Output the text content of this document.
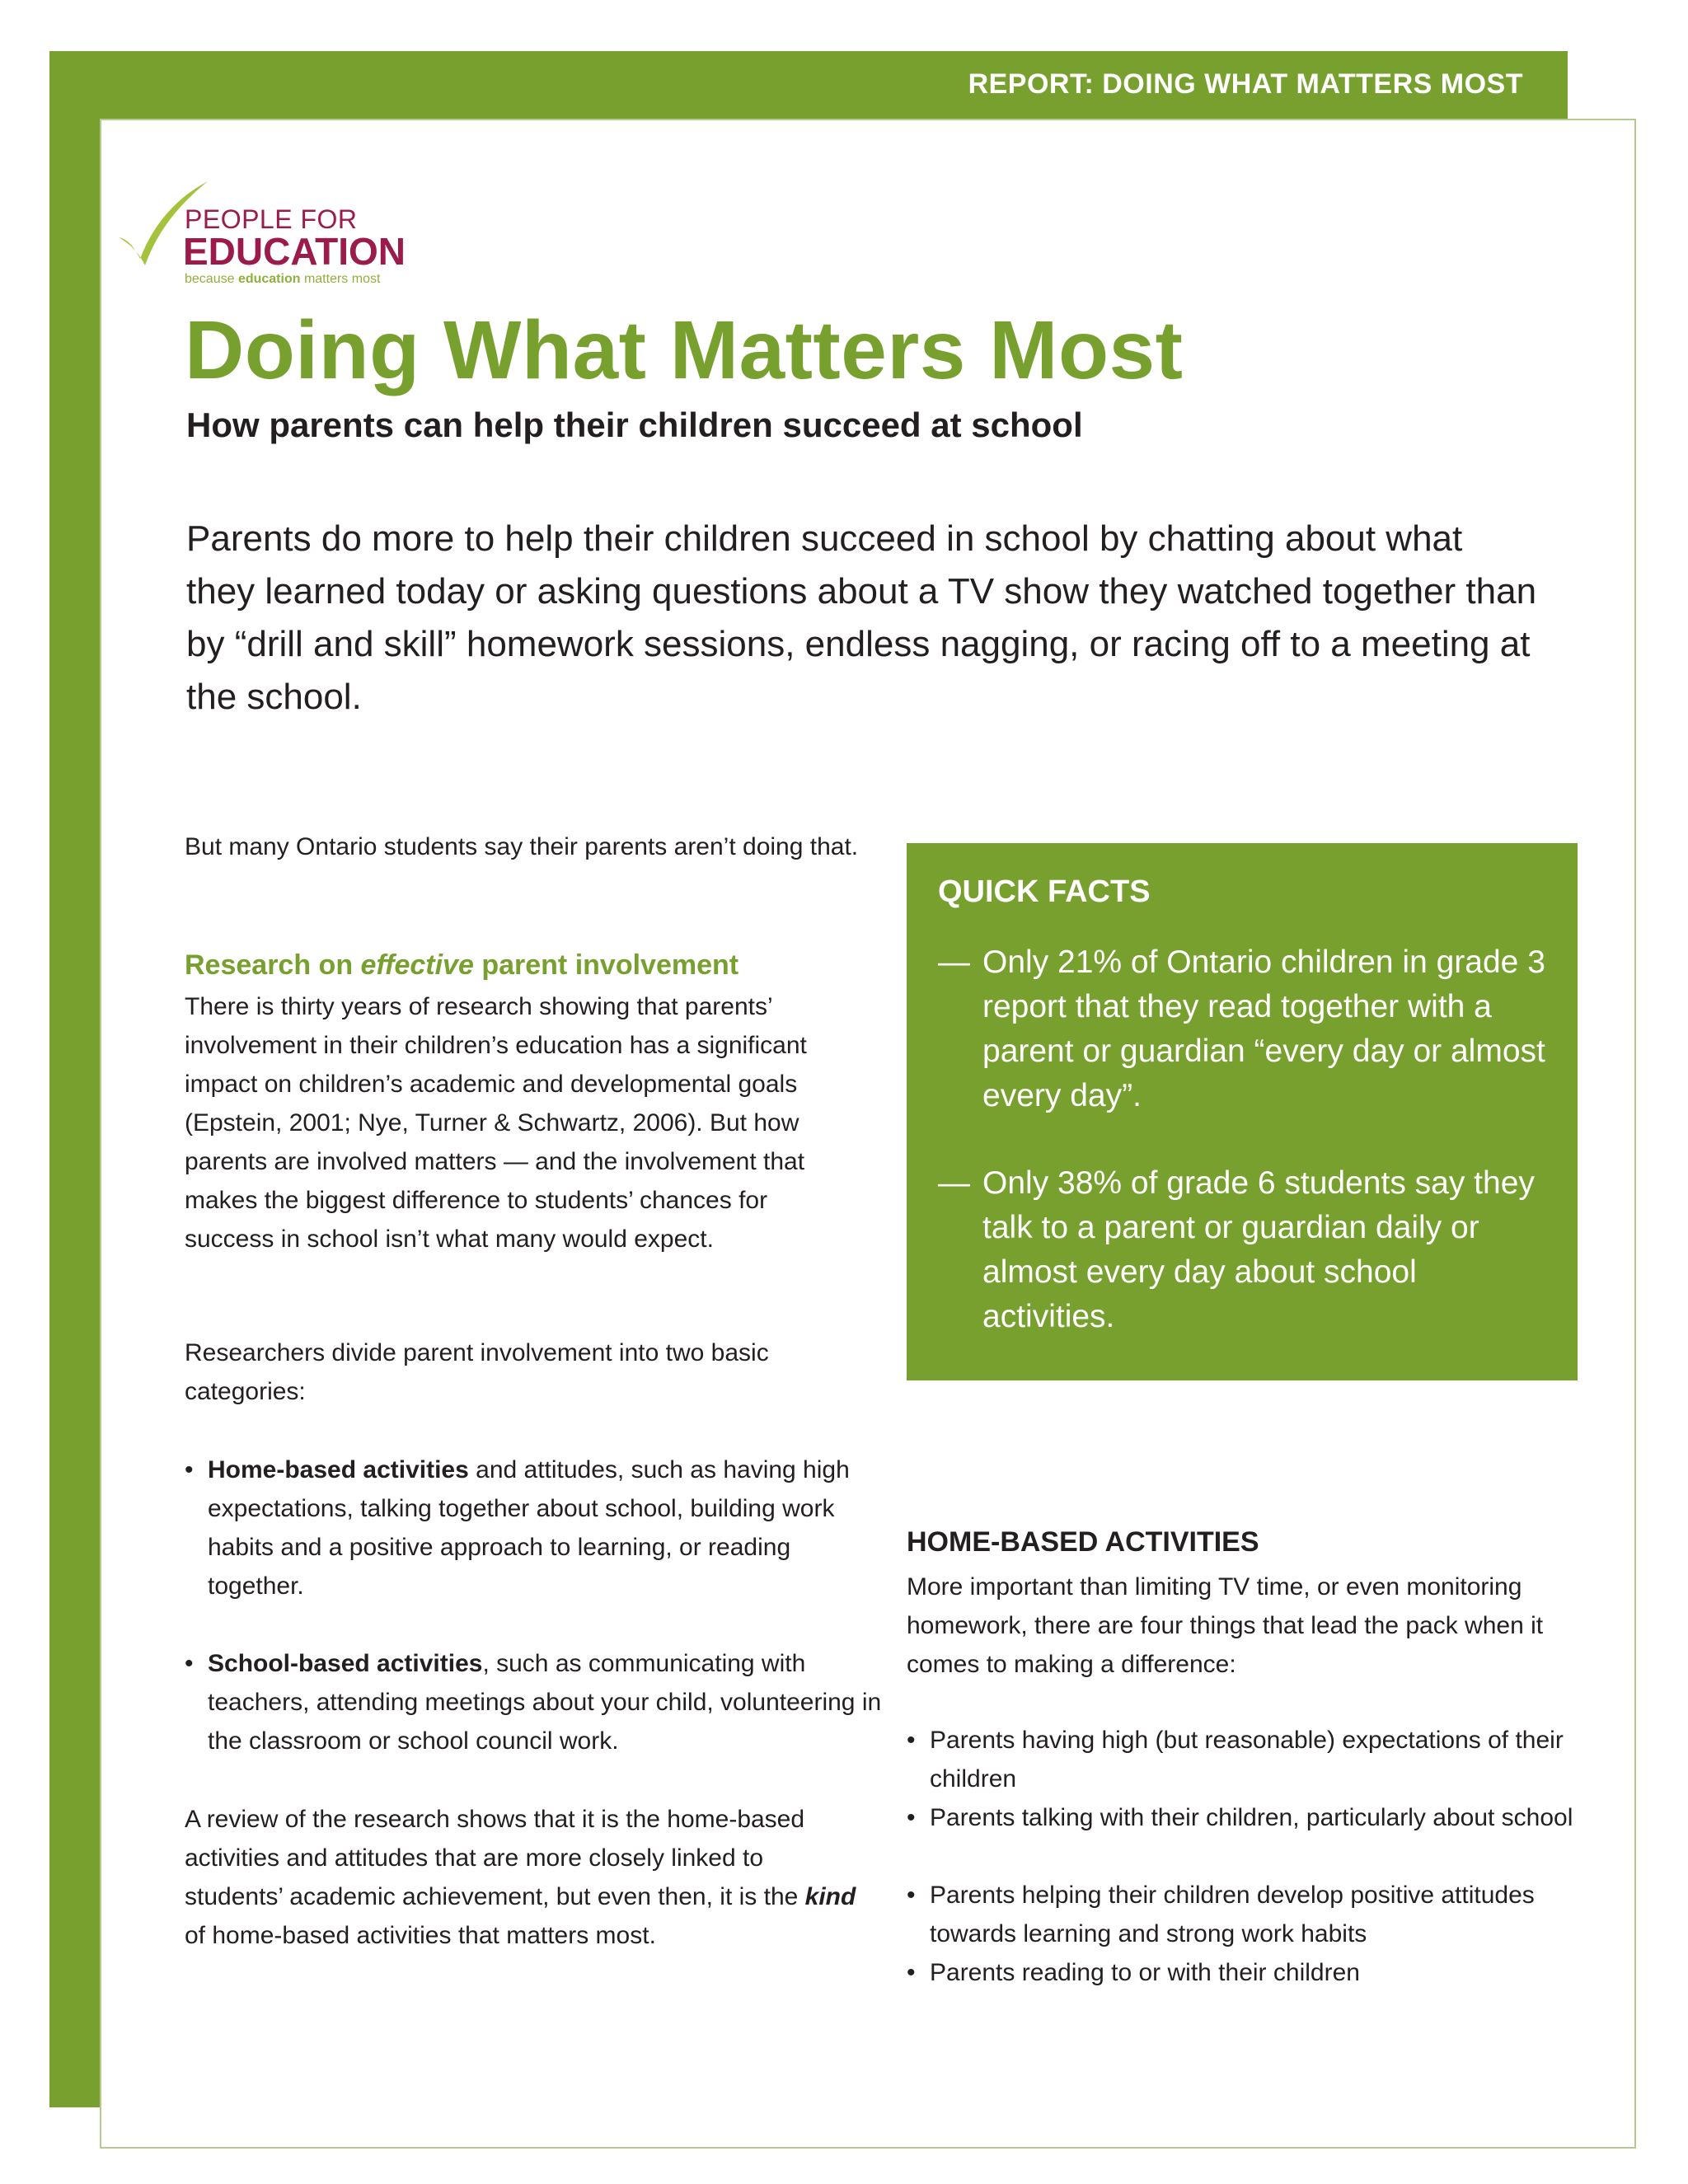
REPORT: DOING WHAT MATTERS MOST

PEOPLE FOR
EDUCATION
because education matters most
Doing What Matters Most
How parents can help their children succeed at school

Parents do more to help their children succeed in school by chatting about what they learned today or asking questions about a TV show they watched together than by “drill and skill” homework sessions, endless nagging, or racing off to a meeting at the school.

But many Ontario students say their parents aren’t doing that.

Research on effective parent involvement

There is thirty years of research showing that parents’ involvement in their children’s education has a significant impact on children’s academic and developmental goals (Epstein, 2001; Nye, Turner & Schwartz, 2006). But how parents are involved matters — and the involvement that makes the biggest difference to students’ chances for success in school isn’t what many would expect.

Researchers divide parent involvement into two basic categories:

• Home-based activities and attitudes, such as having high expectations, talking together about school, building work habits and a positive approach to learning, or reading together.
• School-based activities, such as communicating with teachers, attending meetings about your child, volunteering in the classroom or school council work.

A review of the research shows that it is the home-based activities and attitudes that are more closely linked to students’ academic achievement, but even then, it is the kind of home-based activities that matters most.

QUICK FACTS
— Only 21% of Ontario children in grade 3 report that they read together with a parent or guardian “every day or almost every day”.
— Only 38% of grade 6 students say they talk to a parent or guardian daily or almost every day about school activities.
HOME-BASED ACTIVITIES

More important than limiting TV time, or even monitoring homework, there are four things that lead the pack when it comes to making a difference:

• Parents having high (but reasonable) expectations of their children
• Parents talking with their children, particularly about school
• Parents helping their children develop positive attitudes towards learning and strong work habits
• Parents reading to or with their children
